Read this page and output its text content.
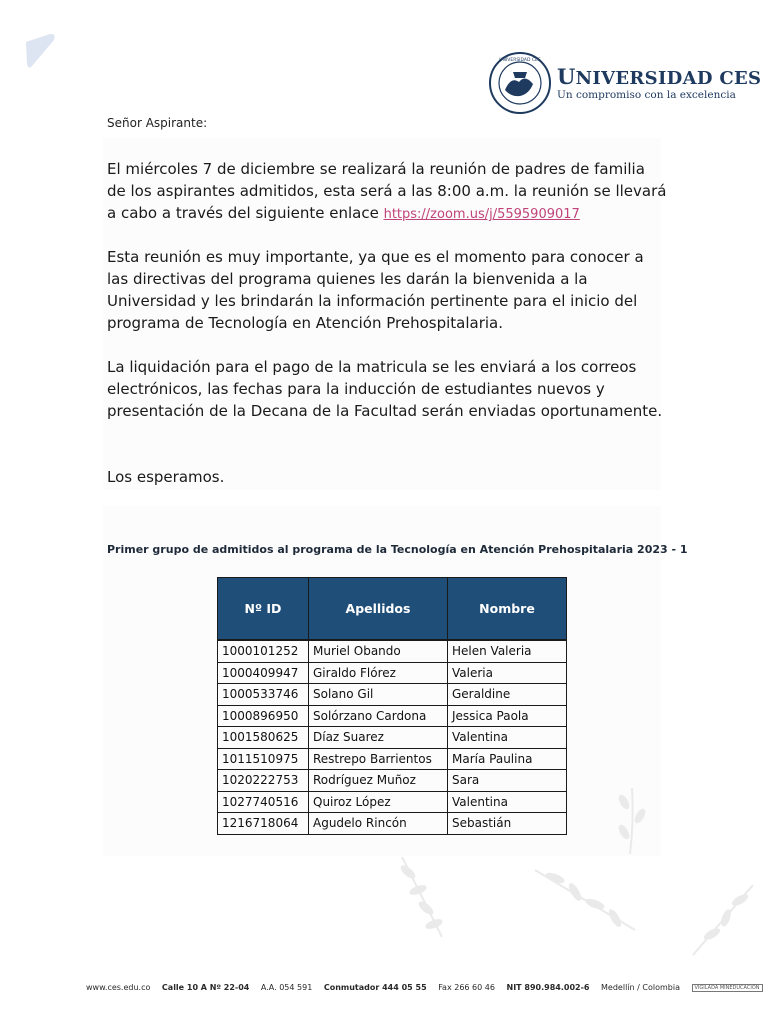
UNIVERSIDAD CES
UNIVERSIDAD CES
Un compromiso con la excelencia
Señor Aspirante:
El miércoles 7 de diciembre se realizará la reunión de padres de familia de los aspirantes admitidos, esta será a las 8:00 a.m. la reunión se llevará a cabo a través del siguiente enlace https://zoom.us/j/5595909017
Esta reunión es muy importante, ya que es el momento para conocer a las directivas del programa quienes les darán la bienvenida a la Universidad y les brindarán la información pertinente para el inicio del programa de Tecnología en Atención Prehospitalaria.
La liquidación para el pago de la matricula se les enviará a los correos electrónicos, las fechas para la inducción de estudiantes nuevos y presentación de la Decana de la Facultad serán enviadas oportunamente.
Los esperamos.
Primer grupo de admitidos al programa de la Tecnología en Atención Prehospitalaria 2023 - 1
Nº ID	Apellidos	Nombre
1000101252	Muriel Obando	Helen Valeria
1000409947	Giraldo Flórez	Valeria
1000533746	Solano Gil	Geraldine
1000896950	Solórzano Cardona	Jessica Paola
1001580625	Díaz Suarez	Valentina
1011510975	Restrepo Barrientos	María Paulina
1020222753	Rodríguez Muñoz	Sara
1027740516	Quiroz López	Valentina
1216718064	Agudelo Rincón	Sebastián
www.ces.edu.co Calle 10 A Nº 22-04 A.A. 054 591 Conmutador 444 05 55 Fax 266 60 46 NIT 890.984.002-6 Medellín / Colombia	VIGILADA MINEDUCACIÓN
